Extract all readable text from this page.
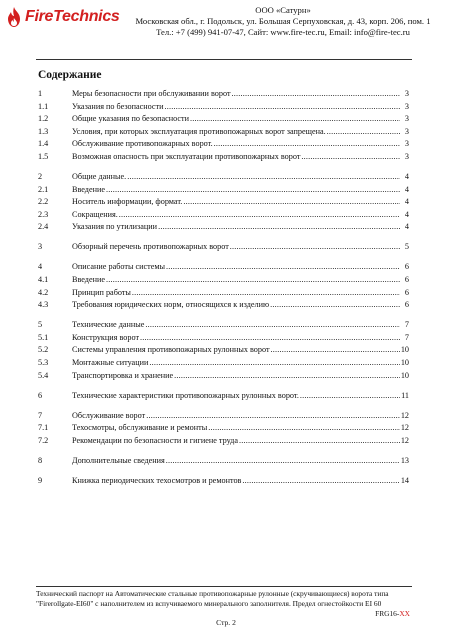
FireTechnics	ООО «Сатурн»
Московская обл., г. Подольск, ул. Большая Серпуховская, д. 43, корп. 206, пом. 1
Тел.: +7 (499) 941-07-47, Сайт: www.fire-tec.ru, Email: info@fire-tec.ru
Содержание
1	Меры безопасности при обслуживании ворот .....	3
1.1	Указания по безопасности .....	3
1.2	Общие указания по безопасности .....	3
1.3	Условия, при которых эксплуатация противопожарных ворот запрещена. .....	3
1.4	Обслуживание противопожарных ворот. .....	3
1.5	Возможная опасность при эксплуатации противопожарных ворот .....	3
2	Общие данные. .....	4
2.1	Введение .....	4
2.2	Носитель информации, формат. .....	4
2.3	Сокращения. .....	4
2.4	Указания по утилизации .....	4
3	Обзорный перечень противопожарных ворот .....	5
4	Описание работы системы .....	6
4.1	Введение .....	6
4.2	Принцип работы .....	6
4.3	Требования юридических норм, относящихся к изделию .....	6
5	Технические данные .....	7
5.1	Конструкция ворот .....	7
5.2	Системы управления противопожарных рулонных ворот .....	10
5.3	Монтажные ситуации .....	10
5.4	Транспортировка и хранение .....	10
6	Технические характеристики противопожарных рулонных ворот. .....	11
7	Обслуживание ворот .....	12
7.1	Техосмотры, обслуживание и ремонты .....	12
7.2	Рекомендации по безопасности и гигиене труда .....	12
8	Дополнительные сведения .....	13
9	Книжка периодических техосмотров и ремонтов .....	14
Технический паспорт на Автоматические стальные противопожарные рулонные (скручивающиеся) ворота типа "Firerollgate-EI60" с наполнителем из вспучиваемого минерального заполнителя. Предел огнестойкости EI 60
FRG16-XX
Стр. 2
